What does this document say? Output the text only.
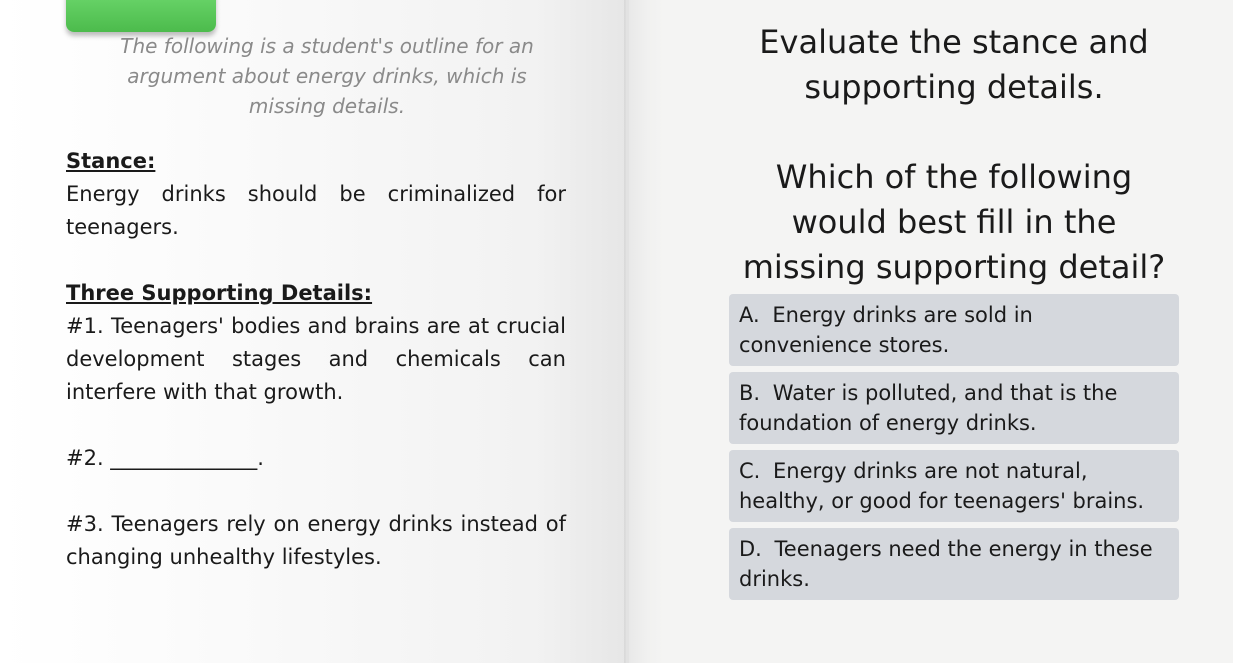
The following is a student's outline for an argument about energy drinks, which is missing details.
Stance:
Energy drinks should be criminalized for teenagers.
Three Supporting Details:
#1. Teenagers' bodies and brains are at crucial development stages and chemicals can interfere with that growth.
#2. ______________.
#3. Teenagers rely on energy drinks instead of changing unhealthy lifestyles.
Evaluate the stance and supporting details.
Which of the following would best fill in the missing supporting detail?
A. Energy drinks are sold in convenience stores.
B. Water is polluted, and that is the foundation of energy drinks.
C. Energy drinks are not natural, healthy, or good for teenagers' brains.
D. Teenagers need the energy in these drinks.
